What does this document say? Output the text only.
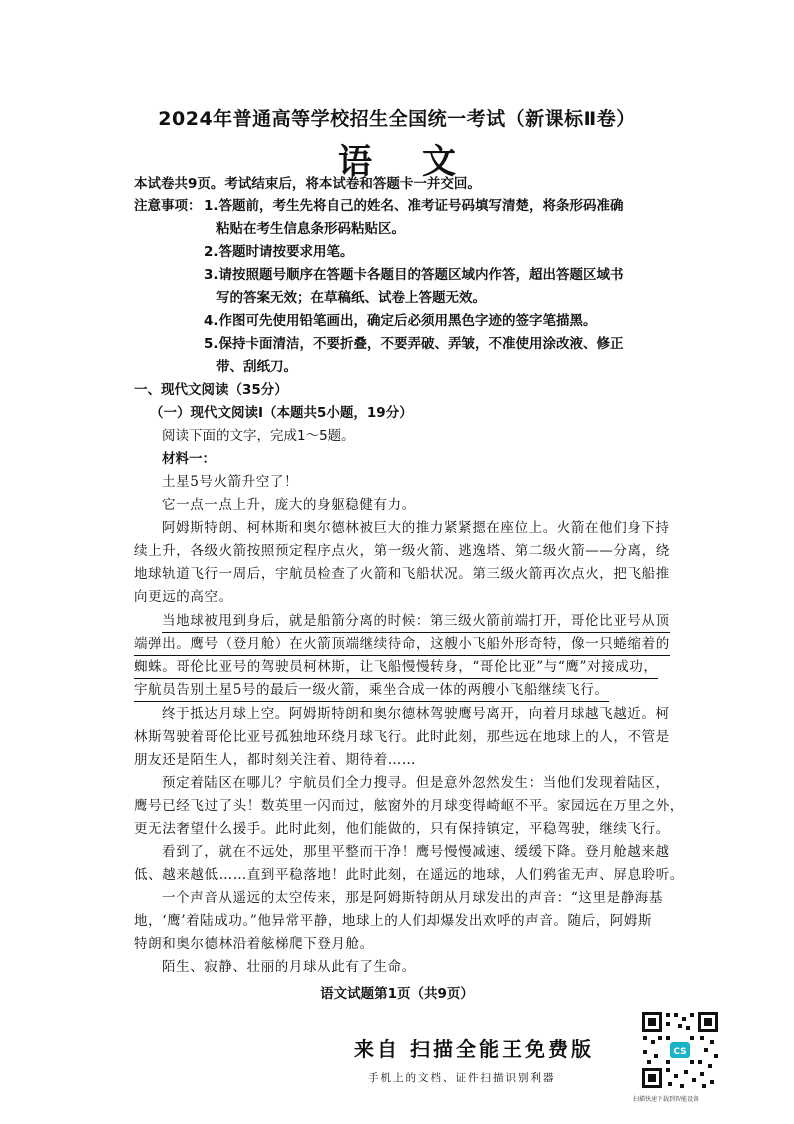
2024年普通高等学校招生全国统一考试（新课标Ⅱ卷）
语 文
本试卷共9页。考试结束后，将本试卷和答题卡一并交回。
注意事项： 1.答题前，考生先将自己的姓名、准考证号码填写清楚，将条形码准确
粘贴在考生信息条形码粘贴区。
2.答题时请按要求用笔。
3.请按照题号顺序在答题卡各题目的答题区域内作答，超出答题区域书
写的答案无效；在草稿纸、试卷上答题无效。
4.作图可先使用铅笔画出，确定后必须用黑色字迹的签字笔描黑。
5.保持卡面清洁，不要折叠，不要弄破、弄皱，不准使用涂改液、修正
带、刮纸刀。
一、现代文阅读（35分）
（一）现代文阅读Ⅰ（本题共5小题，19分）
阅读下面的文字，完成1～5题。
材料一：
土星5号火箭升空了！
它一点一点上升，庞大的身躯稳健有力。
阿姆斯特朗、柯林斯和奥尔德林被巨大的推力紧紧摁在座位上。火箭在他们身下持
续上升，各级火箭按照预定程序点火，第一级火箭、逃逸塔、第二级火箭——分离，绕
地球轨道飞行一周后，宇航员检查了火箭和飞船状况。第三级火箭再次点火，把飞船推
向更远的高空。
当地球被甩到身后，就是船箭分离的时候：第三级火箭前端打开，哥伦比亚号从顶
端弹出。鹰号（登月舱）在火箭顶端继续待命，这艘小飞船外形奇特，像一只蜷缩着的
蜘蛛。哥伦比亚号的驾驶员柯林斯，让飞船慢慢转身，“哥伦比亚”与“鹰”对接成功，
宇航员告别土星5号的最后一级火箭，乘坐合成一体的两艘小飞船继续飞行。
终于抵达月球上空。阿姆斯特朗和奥尔德林驾驶鹰号离开，向着月球越飞越近。柯
林斯驾驶着哥伦比亚号孤独地环绕月球飞行。此时此刻，那些远在地球上的人，不管是
朋友还是陌生人，都时刻关注着、期待着……
预定着陆区在哪儿？宇航员们全力搜寻。但是意外忽然发生：当他们发现着陆区，
鹰号已经飞过了头！数英里一闪而过，舷窗外的月球变得崎岖不平。家园远在万里之外，
更无法奢望什么援手。此时此刻，他们能做的，只有保持镇定，平稳驾驶，继续飞行。
看到了，就在不远处，那里平整而干净！鹰号慢慢减速、缓缓下降。登月舱越来越
低、越来越低……直到平稳落地！此时此刻，在遥远的地球，人们鸦雀无声、屏息聆听。
一个声音从遥远的太空传来，那是阿姆斯特朗从月球发出的声音：“这里是静海基
地，‘鹰’着陆成功。”他异常平静，地球上的人们却爆发出欢呼的声音。随后，阿姆斯
特朗和奥尔德林沿着舷梯爬下登月舱。
陌生、寂静、壮丽的月球从此有了生命。
语文试题第1页（共9页）
来自 扫描全能王免费版
手机上的文档、证件扫描识别利器
CS
扫描快速下载到智能设备
